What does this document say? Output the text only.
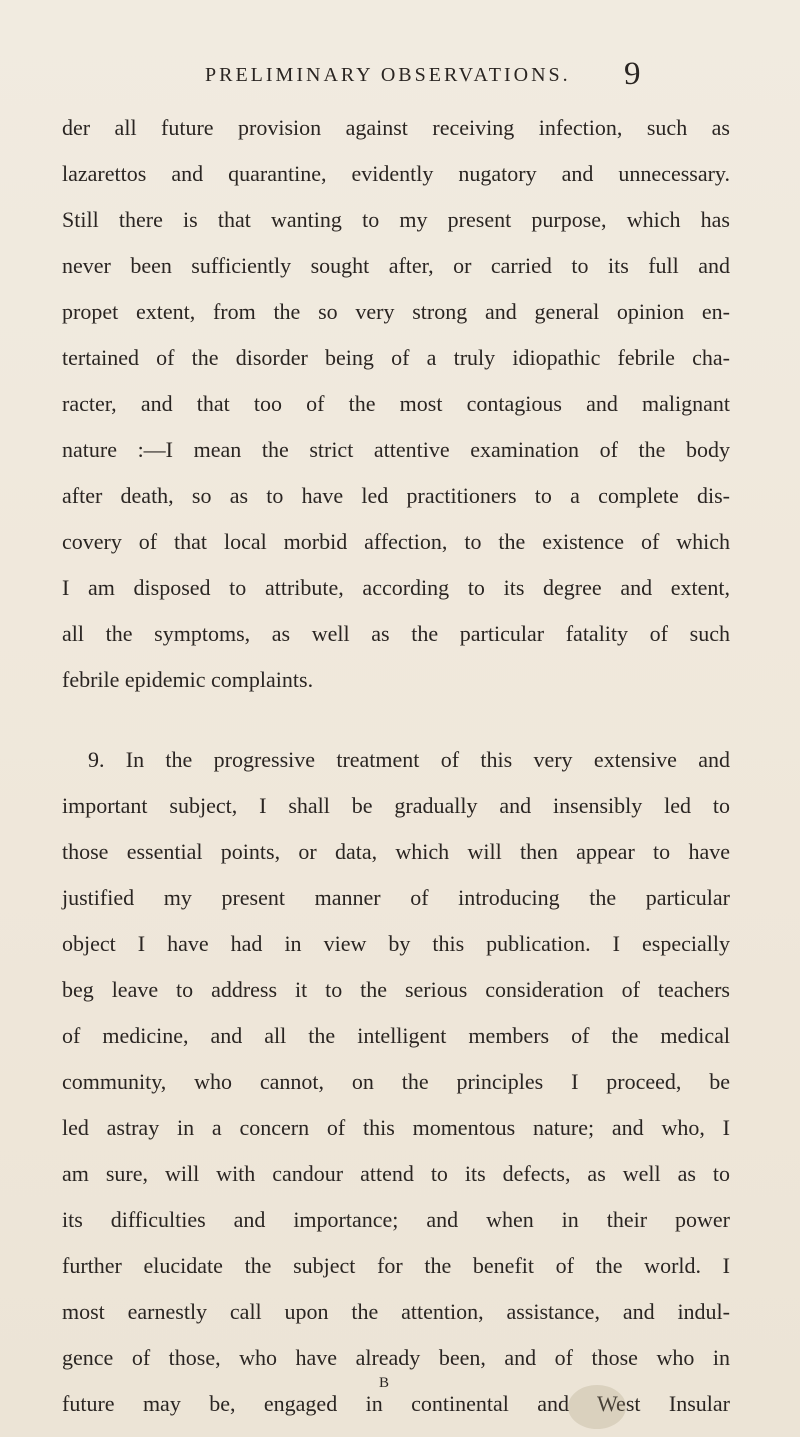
PRELIMINARY OBSERVATIONS. 9
der all future provision against receiving infection, such as
lazarettos and quarantine, evidently nugatory and unnecessary.
Still there is that wanting to my present purpose, which has
never been sufficiently sought after, or carried to its full and
propet extent, from the so very strong and general opinion en-
tertained of the disorder being of a truly idiopathic febrile cha-
racter, and that too of the most contagious and malignant
nature :—I mean the strict attentive examination of the body
after death, so as to have led practitioners to a complete dis-
covery of that local morbid affection, to the existence of which
I am disposed to attribute, according to its degree and extent,
all the symptoms, as well as the particular fatality of such
febrile epidemic complaints.
9. In the progressive treatment of this very extensive and
important subject, I shall be gradually and insensibly led to
those essential points, or data, which will then appear to have
justified my present manner of introducing the particular
object I have had in view by this publication. I especially
beg leave to address it to the serious consideration of teachers
of medicine, and all the intelligent members of the medical
community, who cannot, on the principles I proceed, be
led astray in a concern of this momentous nature; and who, I
am sure, will with candour attend to its defects, as well as to
its difficulties and importance; and when in their power
further elucidate the subject for the benefit of the world. I
most earnestly call upon the attention, assistance, and indul-
gence of those, who have already been, and of those who in
future may be, engaged in continental and West Insular
B
